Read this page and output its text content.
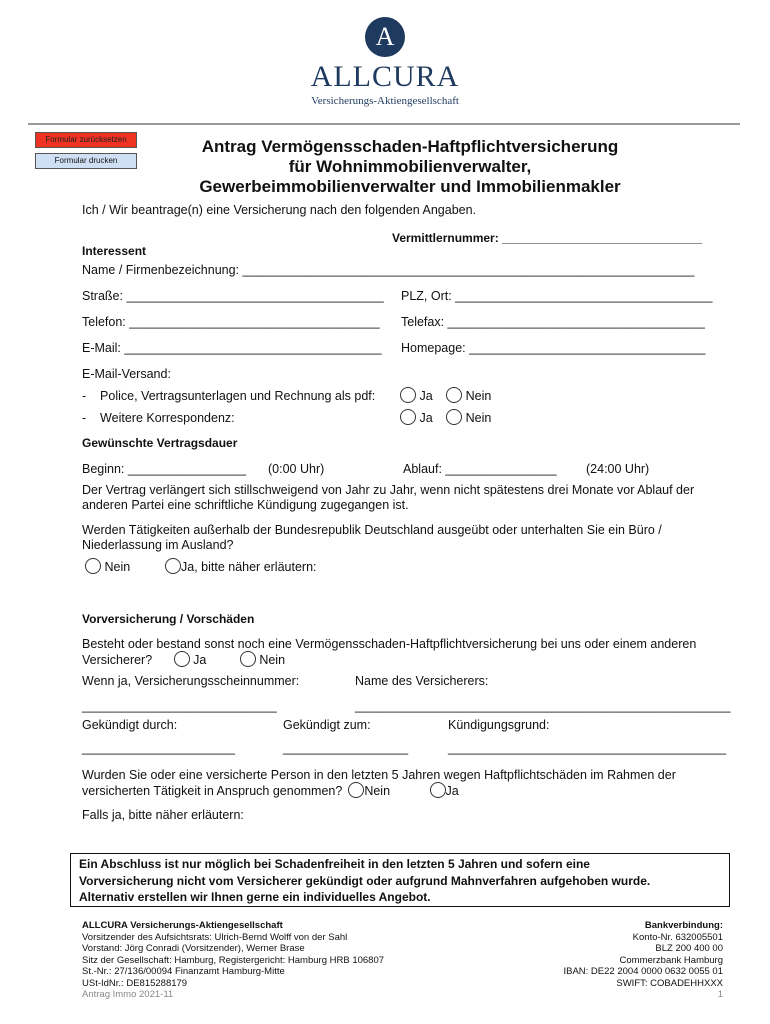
A
ALLCURA
Versicherungs-Aktiengesellschaft
Formular zurücksetzen
Formular drucken
Antrag Vermögensschaden-Haftpflichtversicherung
für Wohnimmobilienverwalter,
Gewerbeimmobilienverwalter und Immobilienmakler
Ich / Wir beantrage(n) eine Versicherung nach den folgenden Angaben.
Vermittlernummer: ______________________________
Interessent
Name / Firmenbezeichnung: _________________________________________________________________
Straße: _____________________________________ PLZ, Ort: _____________________________________
Telefon: ____________________________________ Telefax: _____________________________________
E-Mail: _____________________________________ Homepage: __________________________________
E-Mail-Versand:
-    Police, Vertragsunterlagen und Rechnung als pdf:	Ja	Nein
-    Weitere Korrespondenz:	Ja	Nein
Gewünschte Vertragsdauer
Beginn: _________________ (0:00 Uhr)	Ablauf: ________________ (24:00 Uhr)
Der Vertrag verlängert sich stillschweigend von Jahr zu Jahr, wenn nicht spätestens drei Monate vor Ablauf der
anderen Partei eine schriftliche Kündigung zugegangen ist.
Werden Tätigkeiten außerhalb der Bundesrepublik Deutschland ausgeübt oder unterhalten Sie ein Büro /
Niederlassung im Ausland?
Nein	Ja, bitte näher erläutern:
Vorversicherung / Vorschäden
Besteht oder bestand sonst noch eine Vermögensschaden-Haftpflichtversicherung bei uns oder einem anderen
Versicherer?	Ja	Nein
Wenn ja, Versicherungsscheinnummer:	Name des Versicherers:
____________________________	______________________________________________________
Gekündigt durch:	Gekündigt zum:	Kündigungsgrund:
______________________	__________________	________________________________________
Wurden Sie oder eine versicherte Person in den letzten 5 Jahren wegen Haftpflichtschäden im Rahmen der
versicherten Tätigkeit in Anspruch genommen? Nein	Ja
Falls ja, bitte näher erläutern:
Ein Abschluss ist nur möglich bei Schadenfreiheit in den letzten 5 Jahren und sofern eine
Vorversicherung nicht vom Versicherer gekündigt oder aufgrund Mahnverfahren aufgehoben wurde.
Alternativ erstellen wir Ihnen gerne ein individuelles Angebot.
ALLCURA Versicherungs-Aktiengesellschaft
Vorsitzender des Aufsichtsrats: Ulrich-Bernd Wolff von der Sahl
Vorstand: Jörg Conradi (Vorsitzender), Werner Brase
Sitz der Gesellschaft: Hamburg, Registergericht: Hamburg HRB 106807
St.-Nr.: 27/136/00094 Finanzamt Hamburg-Mitte
USt-IdNr.: DE815288179
Antrag Immo 2021-11
Bankverbindung:
Konto-Nr. 632005501
BLZ 200 400 00
Commerzbank Hamburg
IBAN: DE22 2004 0000 0632 0055 01
SWIFT: COBADEHHXXX
1
